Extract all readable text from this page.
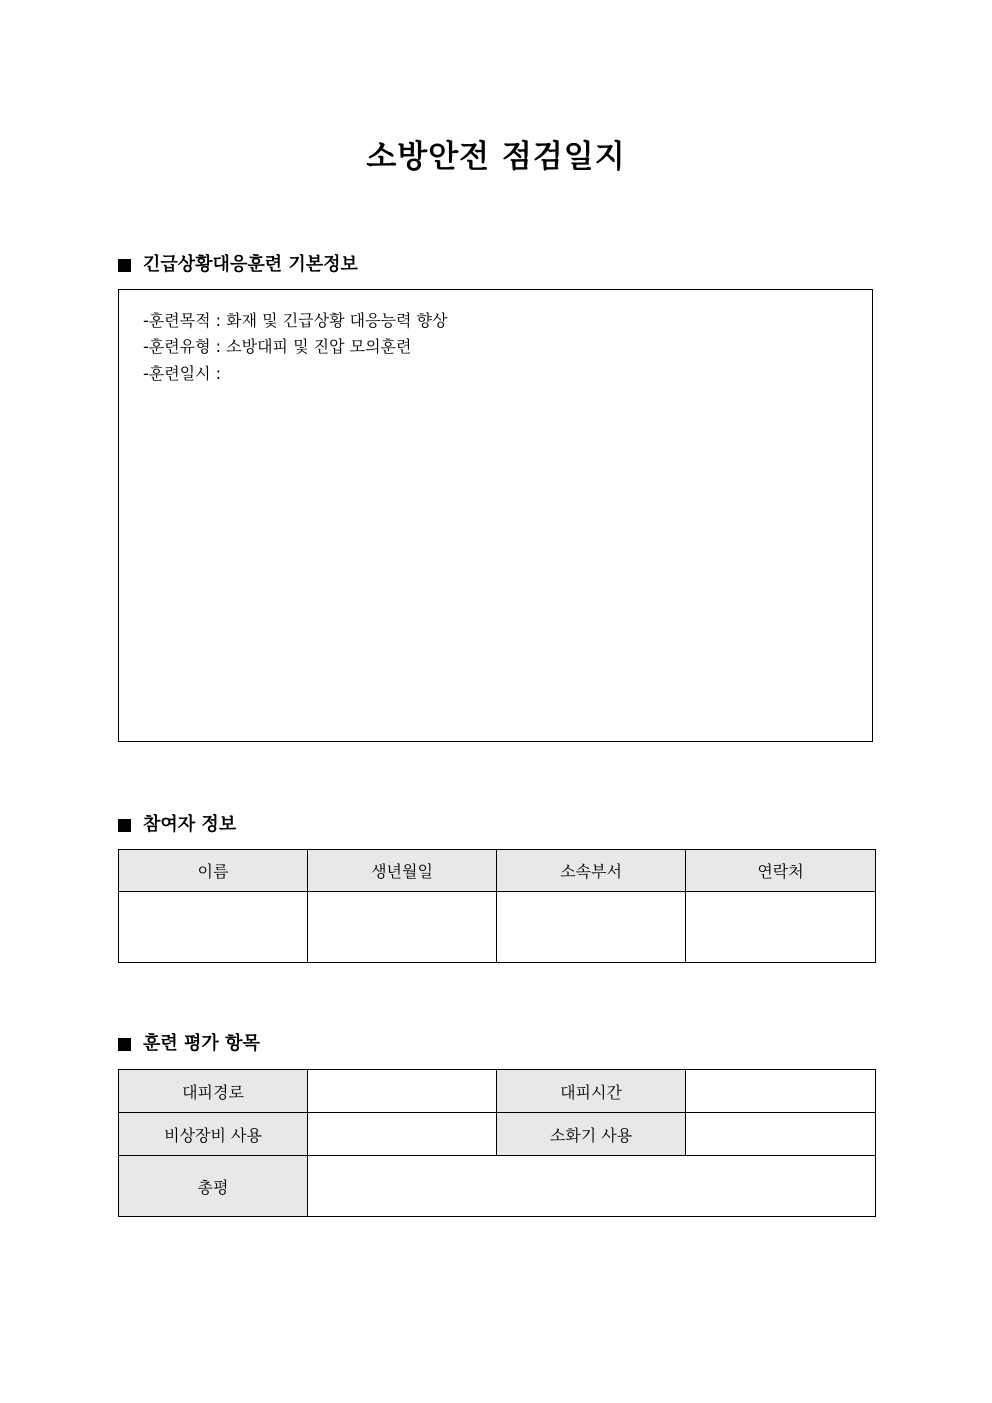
소방안전 점검일지
긴급상황대응훈련 기본정보
-훈련목적 : 화재 및 긴급상황 대응능력 향상
-훈련유형 : 소방대피 및 진압 모의훈련
-훈련일시 :
참여자 정보
이름	생년월일	소속부서	연락처

훈련 평가 항목
대피경로		대피시간	
비상장비 사용		소화기 사용	
총평			
